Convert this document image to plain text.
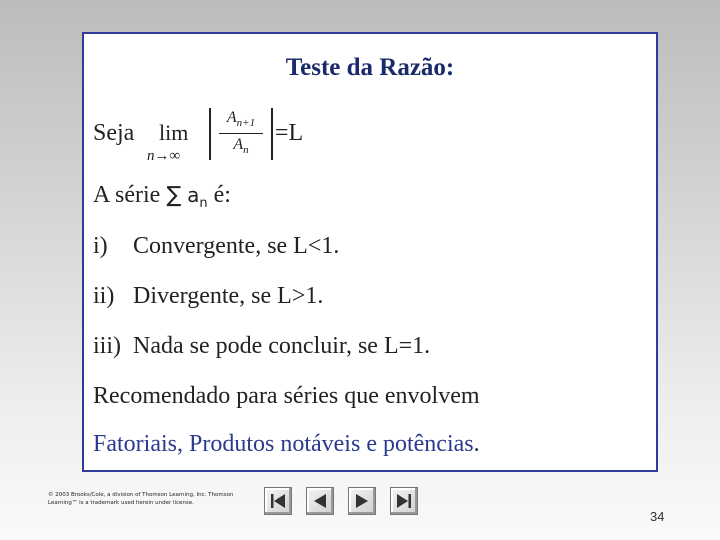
Teste da Razão:
Seja lim
n→∞
$A_{n+1}$
$A_n$
=L
A série ∑ $a_n$ é:
i)	Convergente, se L<1.
ii) Divergente, se L>1.
iii) Nada se pode concluir, se L=1.
Recomendado para séries que envolvem
Fatoriais, Produtos notáveis e potências.
© 2003 Brooks/Cole, a division of Thomson Learning, Inc. Thomson Learning™ is a trademark used herein under license.
34
